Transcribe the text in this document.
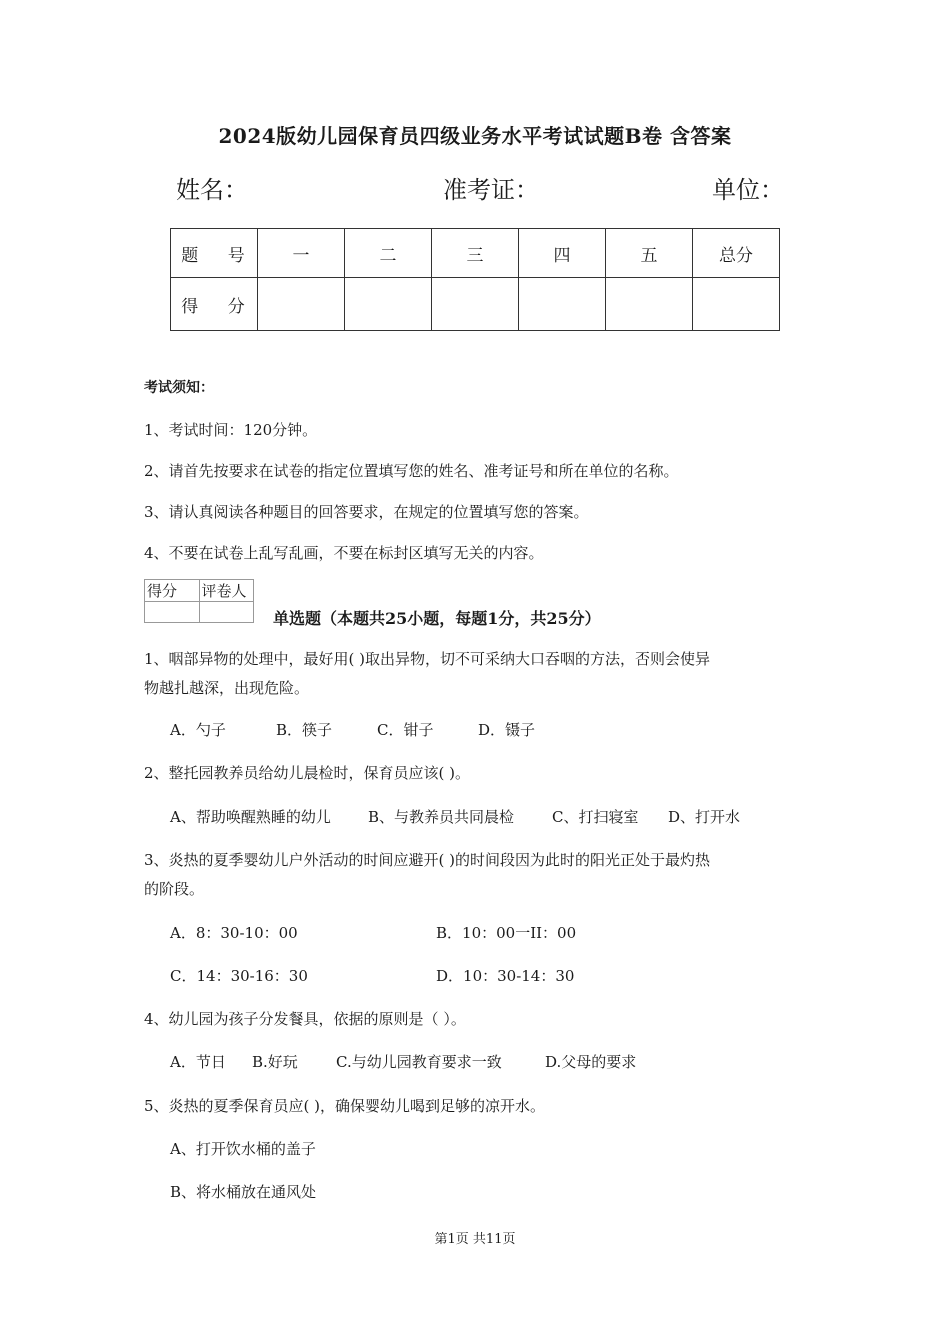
2024版幼儿园保育员四级业务水平考试试题B卷 含答案
姓名：	准考证：	单位：
题 号	一	二	三	四	五	总分
得 分						
考试须知：
1、考试时间：120分钟。
2、请首先按要求在试卷的指定位置填写您的姓名、准考证号和所在单位的名称。
3、请认真阅读各种题目的回答要求，在规定的位置填写您的答案。
4、不要在试卷上乱写乱画，不要在标封区填写无关的内容。
得分	评卷人

单选题（本题共25小题，每题1分，共25分）
1、咽部异物的处理中，最好用( )取出异物，切不可采纳大口吞咽的方法，否则会使异
物越扎越深，出现危险。
A．勺子	B．筷子	C．钳子	D．镊子
2、整托园教养员给幼儿晨检时，保育员应该( )。
A、帮助唤醒熟睡的幼儿 B、与教养员共同晨检	C、打扫寝室 D、打开水
3、炎热的夏季婴幼儿户外活动的时间应避开( )的时间段因为此时的阳光正处于最灼热
的阶段。
A．8：30-10：00	B．10：00一II：00
C．14：30-16：30	D．10：30-14：30
4、幼儿园为孩子分发餐具，依据的原则是（ ）。
A．节日 B.好玩	C.与幼儿园教育要求一致	D.父母的要求
5、炎热的夏季保育员应( )，确保婴幼儿喝到足够的凉开水。
A、打开饮水桶的盖子
B、将水桶放在通风处
第1页 共11页
